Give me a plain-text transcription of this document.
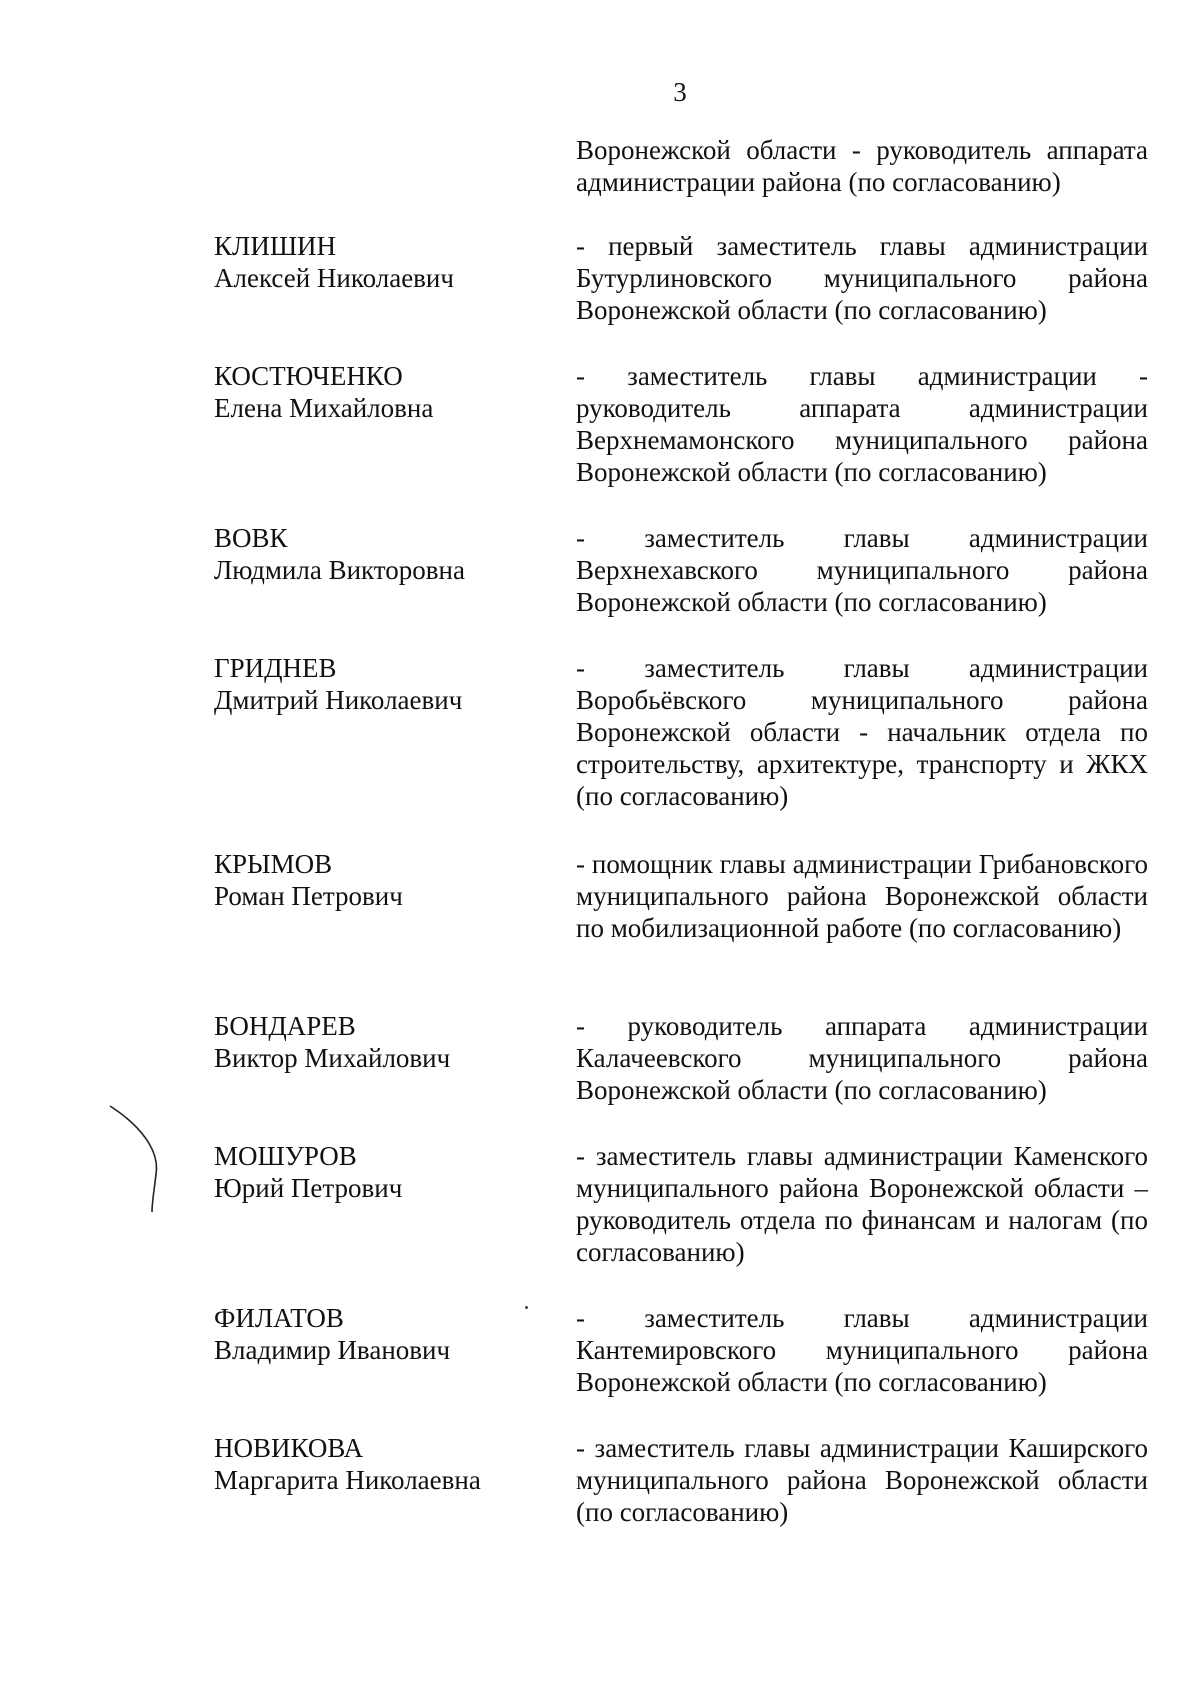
3
Воронежской области - руководитель аппарата администрации района (по согласованию)
КЛИШИН
Алексей Николаевич
- первый заместитель главы администрации Бутурлиновского муниципального района Воронежской области (по согласованию)
КОСТЮЧЕНКО
Елена Михайловна
- заместитель главы администрации - руководитель аппарата администрации Верхнемамонского муниципального района Воронежской области (по согласованию)
ВОВК
Людмила Викторовна
- заместитель главы администрации Верхнехавского муниципального района Воронежской области (по согласованию)
ГРИДНЕВ
Дмитрий Николаевич
- заместитель главы администрации Воробьёвского муниципального района Воронежской области - начальник отдела по строительству, архитектуре, транспорту и ЖКХ (по согласованию)
КРЫМОВ
Роман Петрович
- помощник главы администрации Грибановского муниципального района Воронежской области по мобилизационной работе (по согласованию)
БОНДАРЕВ
Виктор Михайлович
- руководитель аппарата администрации Калачеевского муниципального района Воронежской области (по согласованию)
МОШУРОВ
Юрий Петрович
- заместитель главы администрации Каменского муниципального района Воронежской области – руководитель отдела по финансам и налогам (по согласованию)
ФИЛАТОВ
Владимир Иванович
- заместитель главы администрации Кантемировского муниципального района Воронежской области (по согласованию)
НОВИКОВА
Маргарита Николаевна
- заместитель главы администрации Каширского муниципального района Воронежской области (по согласованию)
